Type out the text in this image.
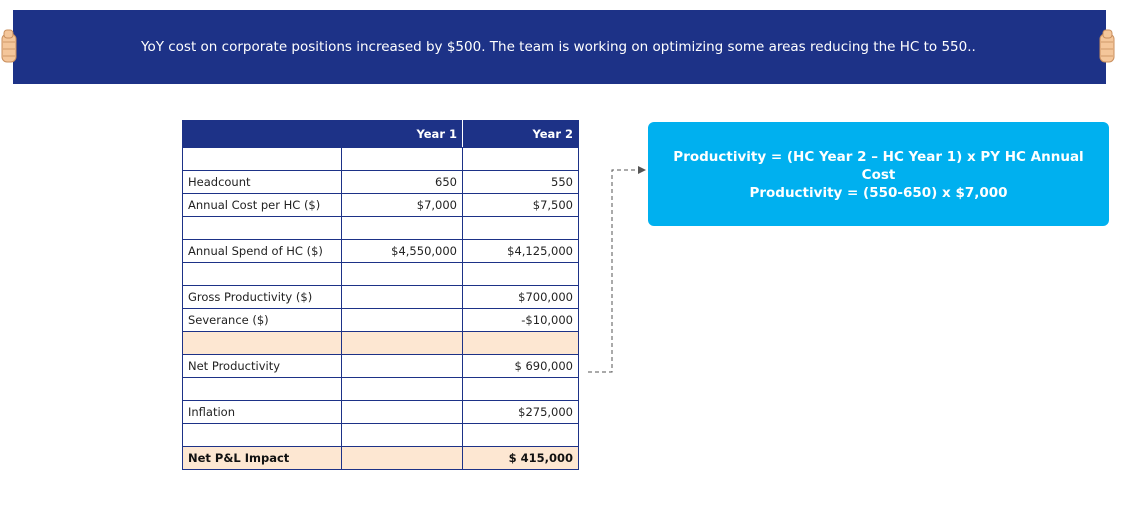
YoY cost on corporate positions increased by $500. The team is working on optimizing some areas reducing the HC to 550..
	Year 1	Year 2

Headcount	650	550
Annual Cost per HC ($)	$7,000	$7,500

Annual Spend of HC ($)	$4,550,000	$4,125,000

Gross Productivity ($)		$700,000
Severance ($)		-$10,000

Net Productivity		$ 690,000

Inflation		$275,000

Net P&L Impact		$ 415,000
Productivity = (HC Year 2 – HC Year 1) x PY HC Annual Cost
Productivity = (550-650) x $7,000
